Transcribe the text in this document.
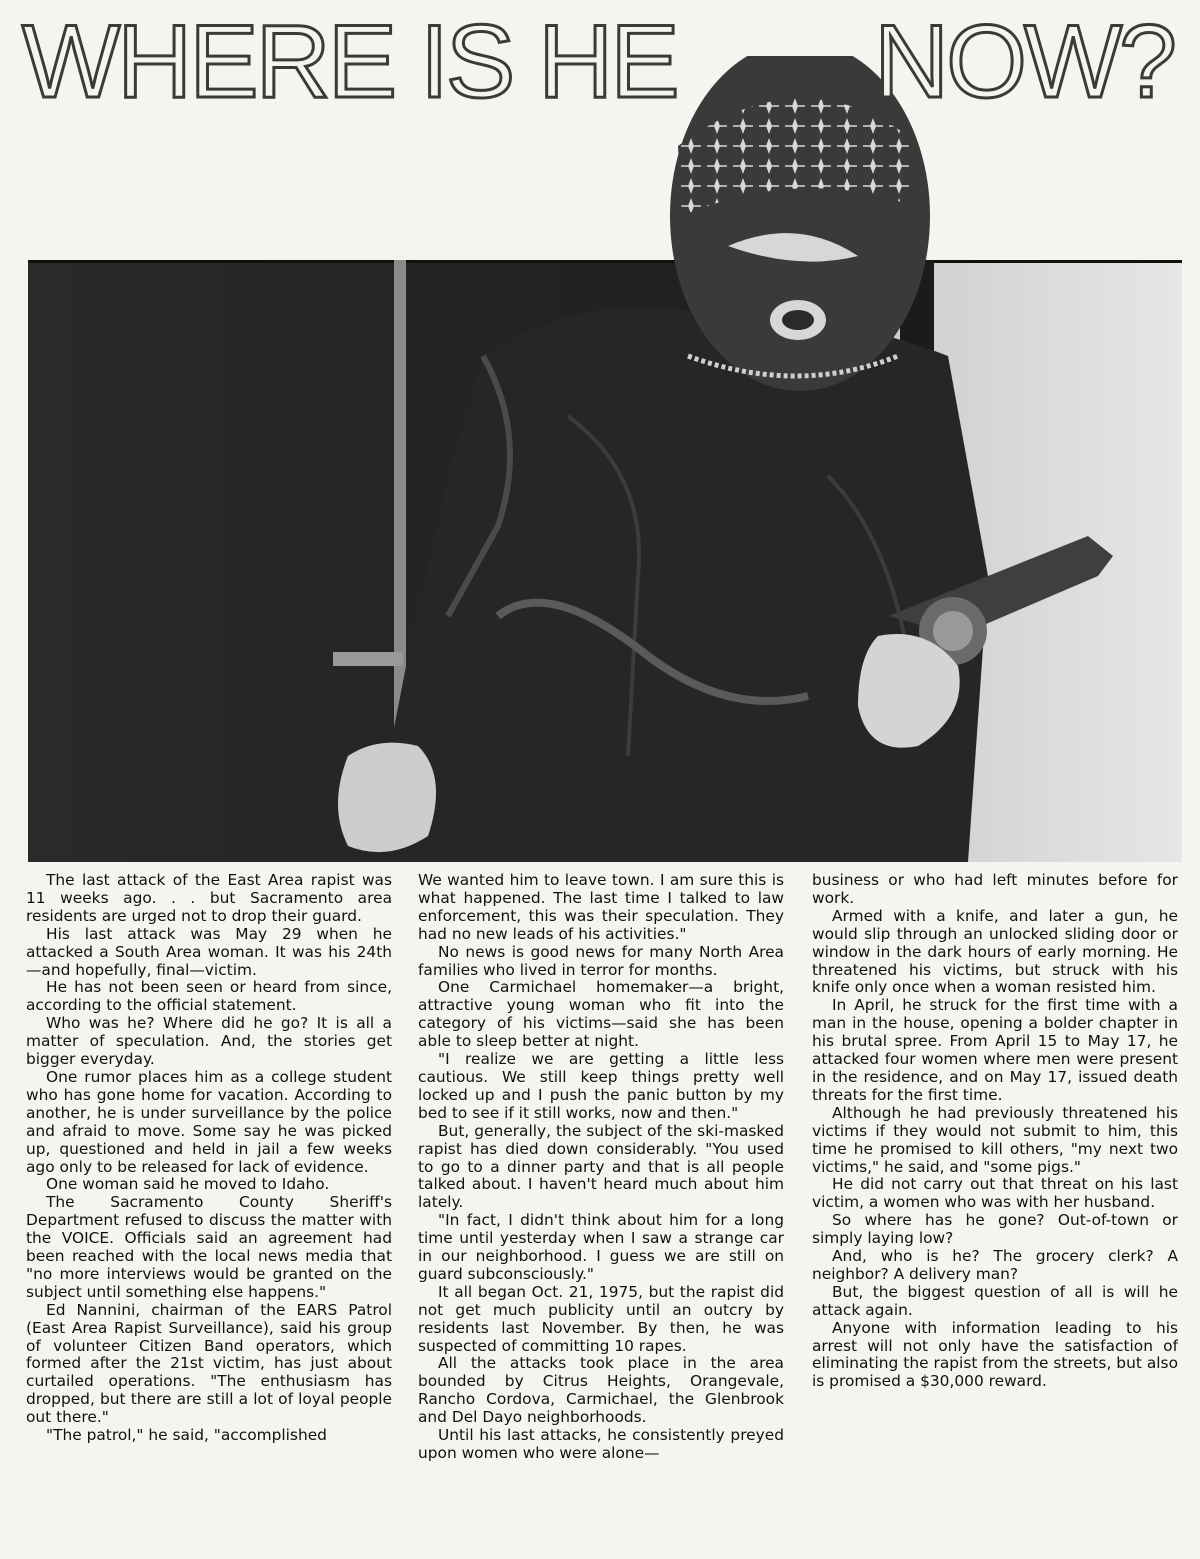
WHERE IS HE NOW?

The last attack of the East Area rapist was 11 weeks ago. . . but Sacramento area residents are urged not to drop their guard.

His last attack was May 29 when he attacked a South Area woman. It was his 24th—and hopefully, final—victim.

He has not been seen or heard from since, according to the official statement.

Who was he? Where did he go? It is all a matter of speculation. And, the stories get bigger everyday.

One rumor places him as a college student who has gone home for vacation. According to another, he is under surveillance by the police and afraid to move. Some say he was picked up, questioned and held in jail a few weeks ago only to be released for lack of evidence.

One woman said he moved to Idaho.

The Sacramento County Sheriff's Department refused to discuss the matter with the VOICE. Officials said an agreement had been reached with the local news media that "no more interviews would be granted on the subject until something else happens."

Ed Nannini, chairman of the EARS Patrol (East Area Rapist Surveillance), said his group of volunteer Citizen Band operators, which formed after the 21st victim, has just about curtailed operations. "The enthusiasm has dropped, but there are still a lot of loyal people out there."

"The patrol," he said, "accomplished

We wanted him to leave town. I am sure this is what happened. The last time I talked to law enforcement, this was their speculation. They had no new leads of his activities."

No news is good news for many North Area families who lived in terror for months.

One Carmichael homemaker—a bright, attractive young woman who fit into the category of his victims—said she has been able to sleep better at night.

"I realize we are getting a little less cautious. We still keep things pretty well locked up and I push the panic button by my bed to see if it still works, now and then."

But, generally, the subject of the ski-masked rapist has died down considerably. "You used to go to a dinner party and that is all people talked about. I haven't heard much about him lately.

"In fact, I didn't think about him for a long time until yesterday when I saw a strange car in our neighborhood. I guess we are still on guard subconsciously."

It all began Oct. 21, 1975, but the rapist did not get much publicity until an outcry by residents last November. By then, he was suspected of committing 10 rapes.

All the attacks took place in the area bounded by Citrus Heights, Orangevale, Rancho Cordova, Carmichael, the Glenbrook and Del Dayo neighborhoods.

Until his last attacks, he consistently preyed upon women who were alone—

business or who had left minutes before for work.

Armed with a knife, and later a gun, he would slip through an unlocked sliding door or window in the dark hours of early morning. He threatened his victims, but struck with his knife only once when a woman resisted him.

In April, he struck for the first time with a man in the house, opening a bolder chapter in his brutal spree. From April 15 to May 17, he attacked four women where men were present in the residence, and on May 17, issued death threats for the first time.

Although he had previously threatened his victims if they would not submit to him, this time he promised to kill others, "my next two victims," he said, and "some pigs."

He did not carry out that threat on his last victim, a women who was with her husband.

So where has he gone? Out-of-town or simply laying low?

And, who is he? The grocery clerk? A neighbor? A delivery man?

But, the biggest question of all is will he attack again.

Anyone with information leading to his arrest will not only have the satisfaction of eliminating the rapist from the streets, but also is promised a $30,000 reward.
